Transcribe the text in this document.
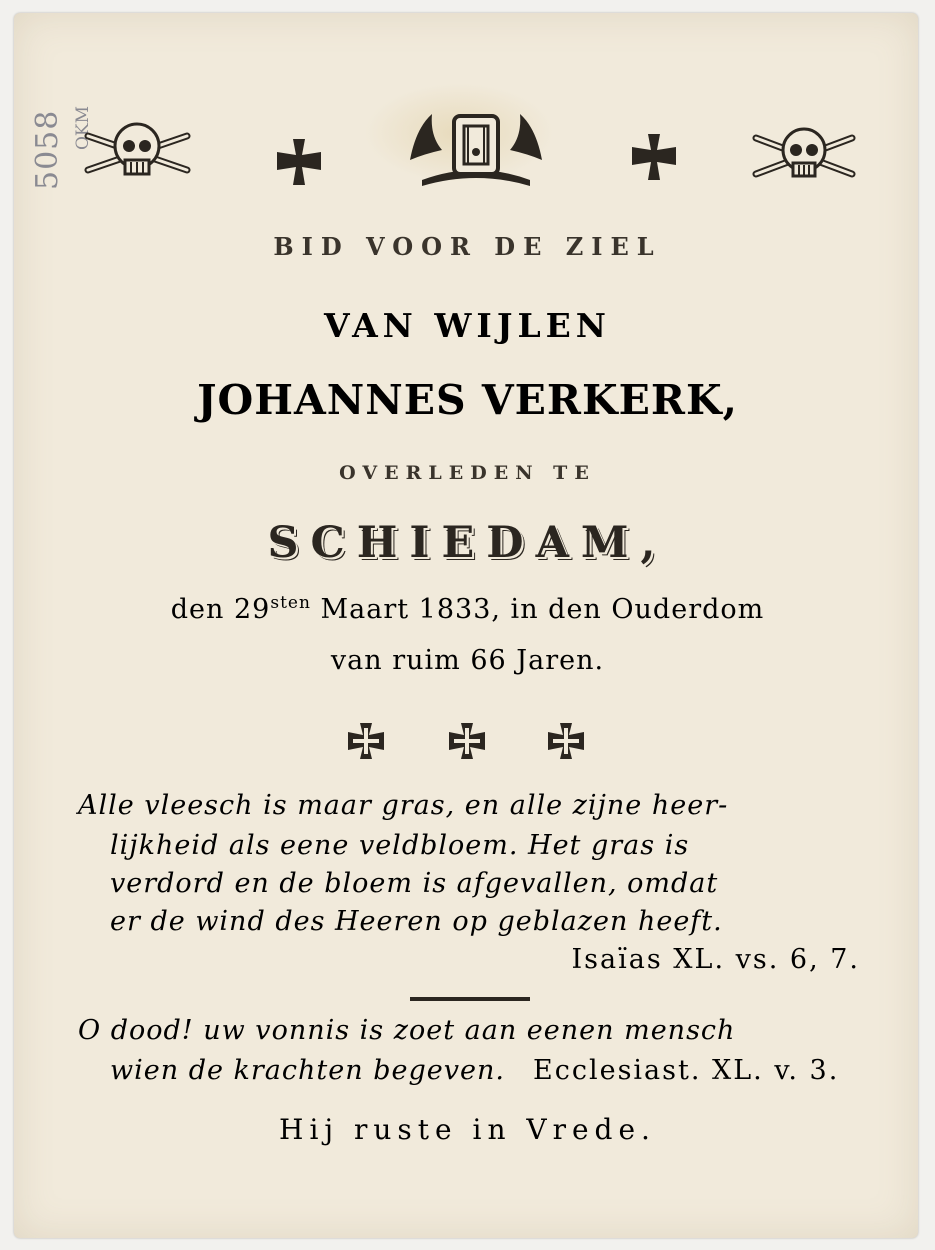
5058 OKM
BID VOOR DE ZIEL
VAN WIJLEN
JOHANNES VERKERK,
OVERLEDEN TE
SCHIEDAM,
den $29^{sten}$ Maart 1833, in den Ouderdom
van ruim 66 Jaren.
Alle vleesch is maar gras, en alle zijne heer-
lijkheid als eene veldbloem. Het gras is
verdord en de bloem is afgevallen, omdat
er de wind des Heeren op geblazen heeft.
Isaïas XL. vs. 6, 7.
O dood! uw vonnis is zoet aan eenen mensch
wien de krachten begeven. Ecclesiast. XL. v. 3.
Hij ruste in Vrede.
